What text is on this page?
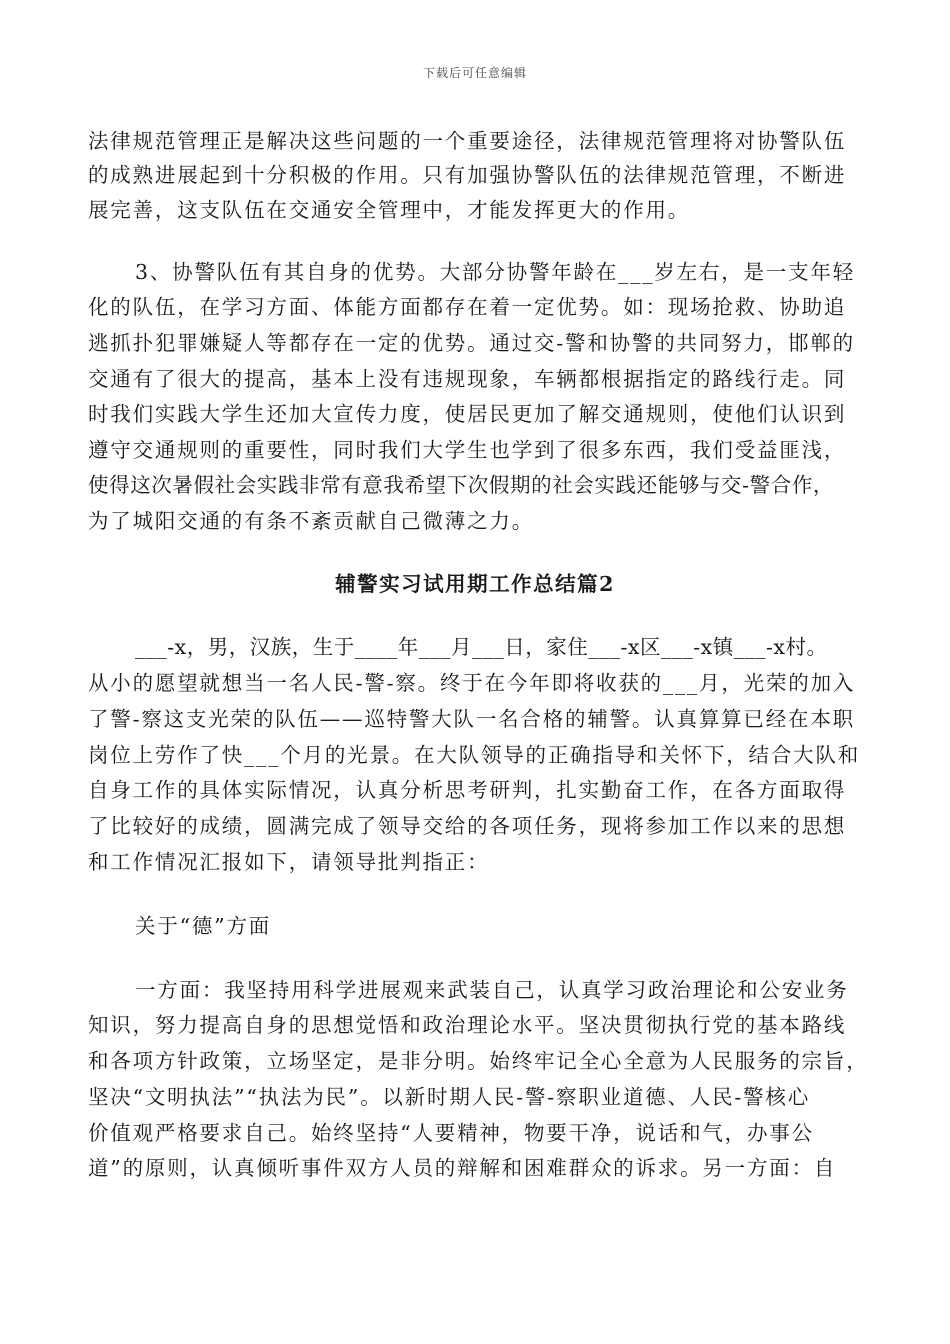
下载后可任意编辑
法律规范管理正是解决这些问题的一个重要途径，法律规范管理将对协警队伍
的成熟进展起到十分积极的作用。只有加强协警队伍的法律规范管理，不断进
展完善，这支队伍在交通安全管理中，才能发挥更大的作用。
3、协警队伍有其自身的优势。大部分协警年龄在___岁左右，是一支年轻
化的队伍，在学习方面、体能方面都存在着一定优势。如：现场抢救、协助追
逃抓扑犯罪嫌疑人等都存在一定的优势。通过交-警和协警的共同努力，邯郸的
交通有了很大的提高，基本上没有违规现象，车辆都根据指定的路线行走。同
时我们实践大学生还加大宣传力度，使居民更加了解交通规则，使他们认识到
遵守交通规则的重要性，同时我们大学生也学到了很多东西，我们受益匪浅，
使得这次暑假社会实践非常有意我希望下次假期的社会实践还能够与交-警合作，
为了城阳交通的有条不紊贡献自己微薄之力。
辅警实习试用期工作总结篇2
___-x，男，汉族，生于____年___月___日，家住___-x区___-x镇___-x村。
从小的愿望就想当一名人民-警-察。终于在今年即将收获的___月，光荣的加入
了警-察这支光荣的队伍——巡特警大队一名合格的辅警。认真算算已经在本职
岗位上劳作了快___个月的光景。在大队领导的正确指导和关怀下，结合大队和
自身工作的具体实际情况，认真分析思考研判，扎实勤奋工作，在各方面取得
了比较好的成绩，圆满完成了领导交给的各项任务，现将参加工作以来的思想
和工作情况汇报如下，请领导批判指正：
关于“德”方面
一方面：我坚持用科学进展观来武装自己，认真学习政治理论和公安业务
知识，努力提高自身的思想觉悟和政治理论水平。坚决贯彻执行党的基本路线
和各项方针政策，立场坚定，是非分明。始终牢记全心全意为人民服务的宗旨，
坚决“文明执法”“执法为民”。以新时期人民-警-察职业道德、人民-警核心
价值观严格要求自己。始终坚持“人要精神，物要干净，说话和气，办事公
道”的原则，认真倾听事件双方人员的辩解和困难群众的诉求。另一方面：自
